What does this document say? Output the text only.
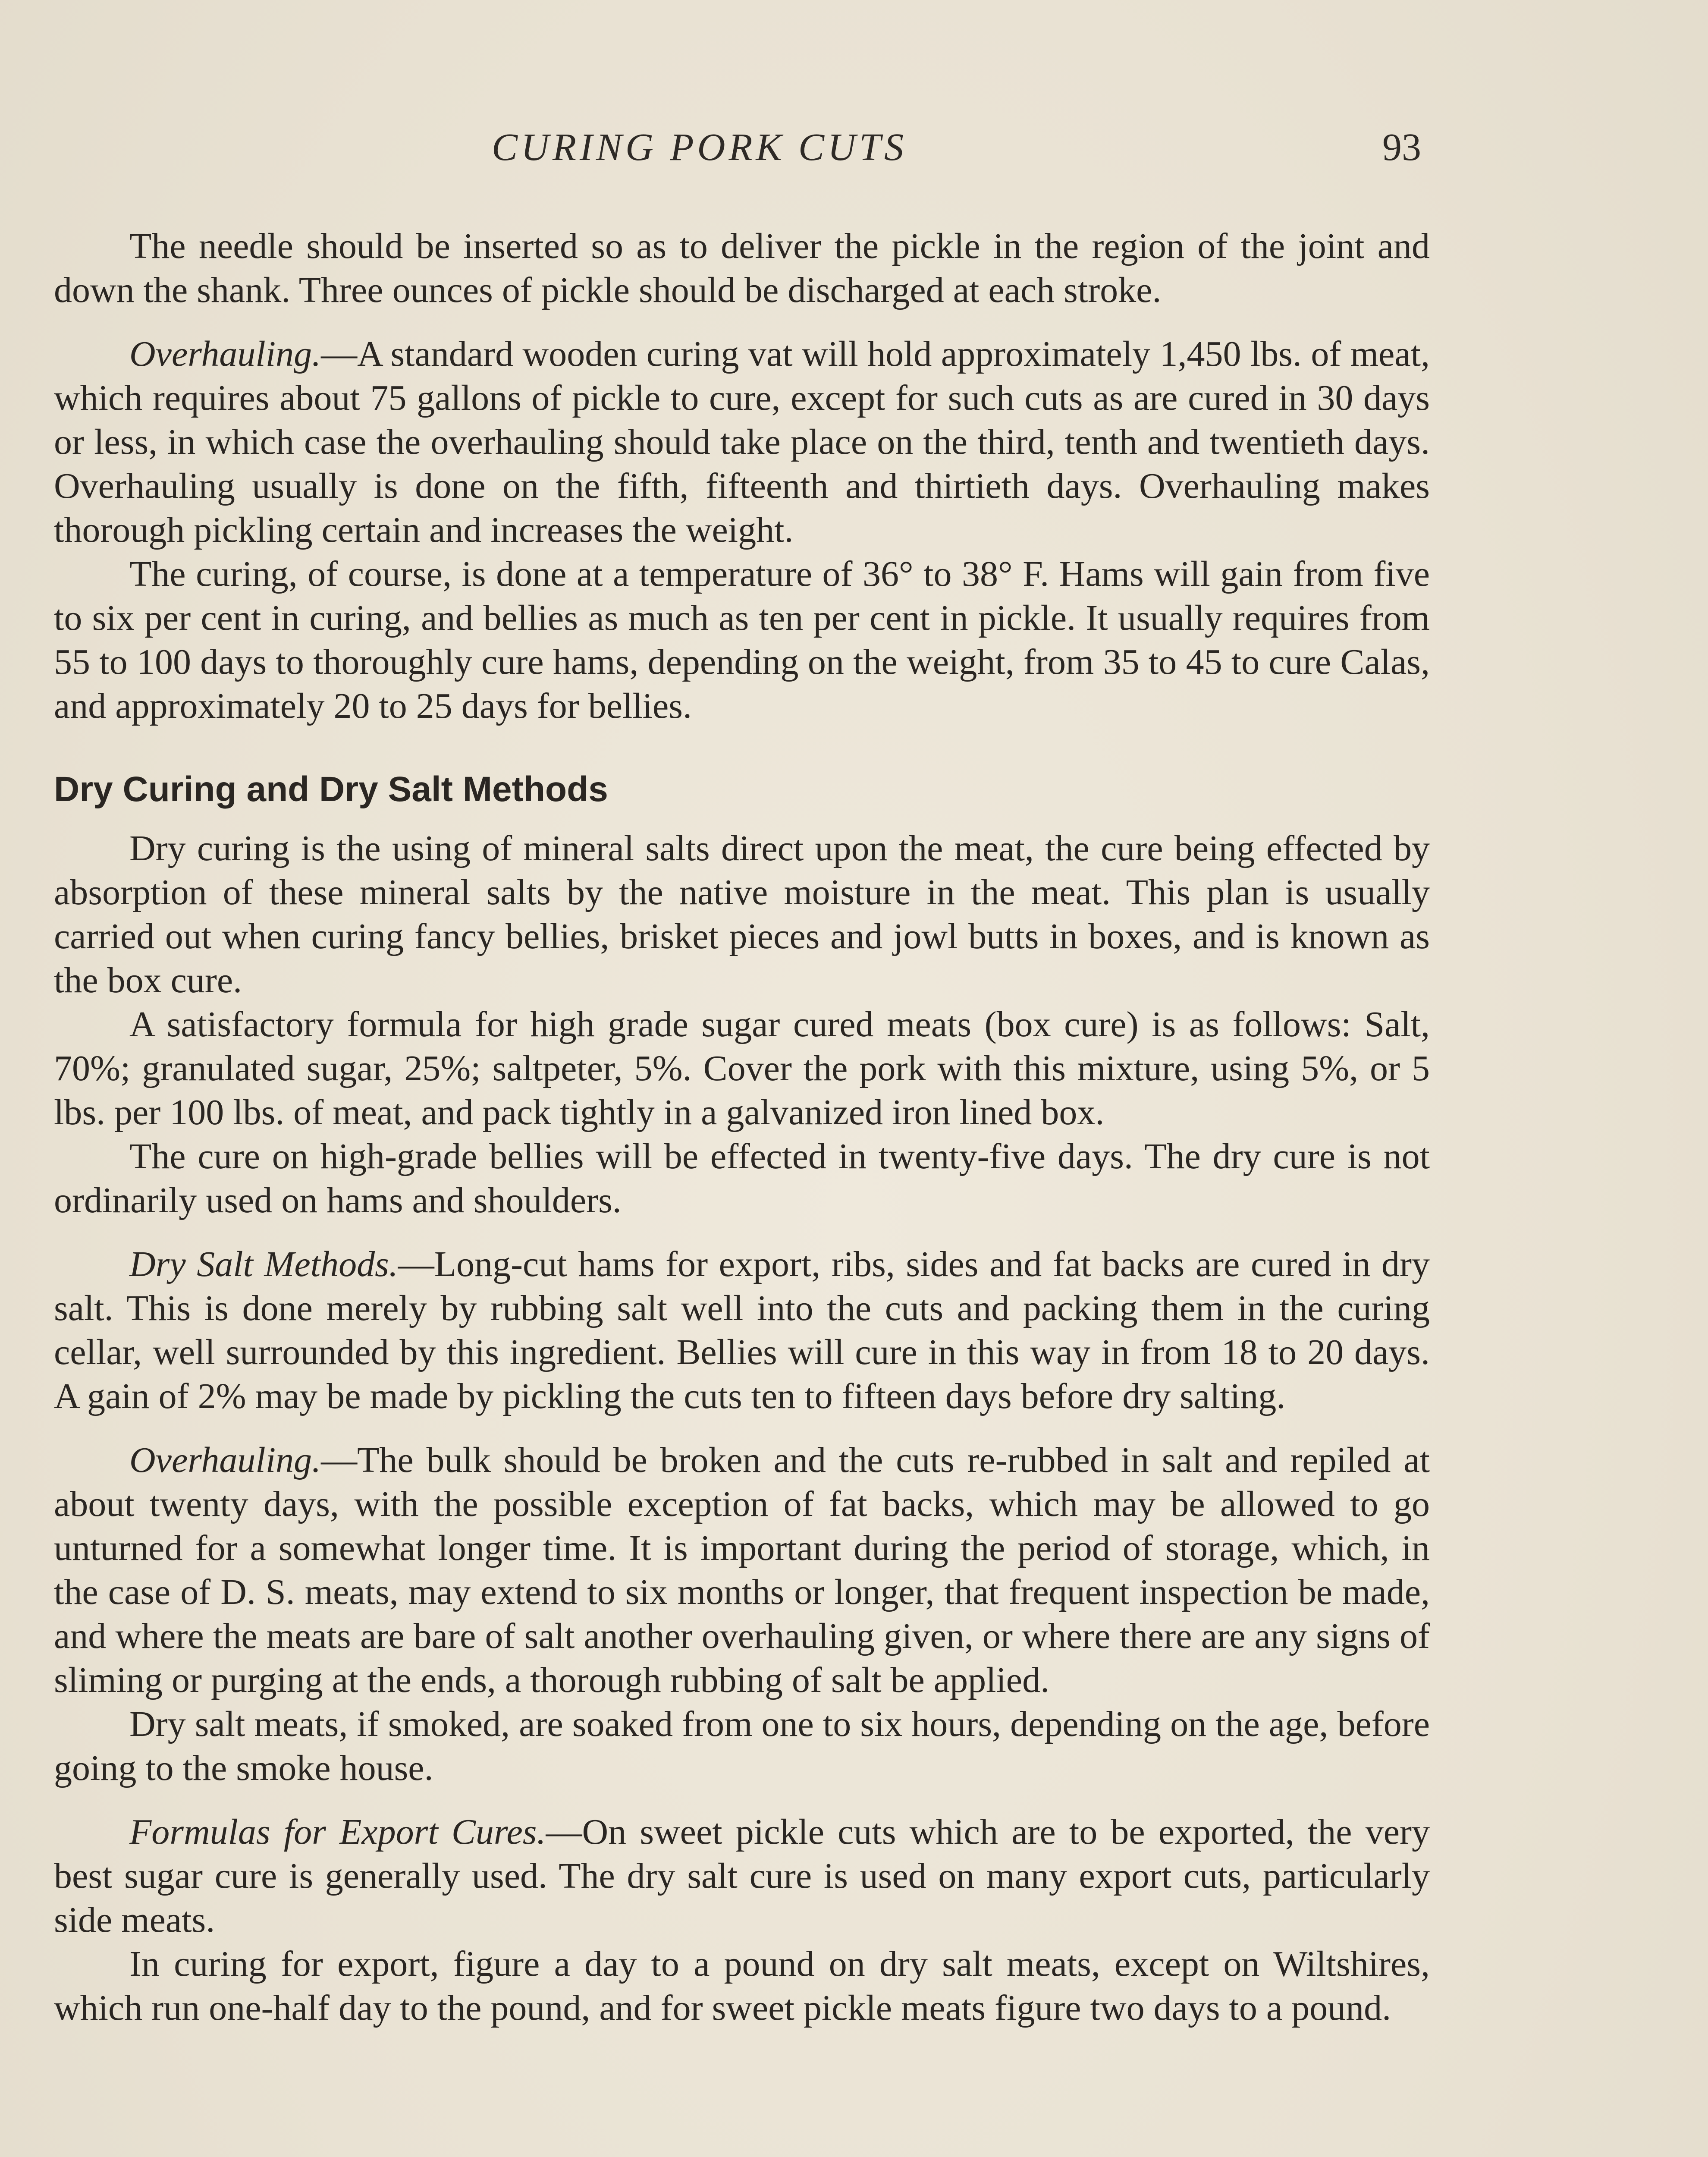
CURING PORK CUTS	93

The needle should be inserted so as to deliver the pickle in the region of the joint and down the shank. Three ounces of pickle should be discharged at each stroke.

Overhauling.—A standard wooden curing vat will hold approximately 1,450 lbs. of meat, which requires about 75 gallons of pickle to cure, except for such cuts as are cured in 30 days or less, in which case the overhauling should take place on the third, tenth and twentieth days. Overhauling usually is done on the fifth, fifteenth and thirtieth days. Overhauling makes thorough pickling certain and increases the weight.

The curing, of course, is done at a temperature of 36° to 38° F. Hams will gain from five to six per cent in curing, and bellies as much as ten per cent in pickle. It usually requires from 55 to 100 days to thoroughly cure hams, depending on the weight, from 35 to 45 to cure Calas, and approximately 20 to 25 days for bellies.

Dry Curing and Dry Salt Methods

Dry curing is the using of mineral salts direct upon the meat, the cure being effected by absorption of these mineral salts by the native moisture in the meat. This plan is usually carried out when curing fancy bellies, brisket pieces and jowl butts in boxes, and is known as the box cure.

A satisfactory formula for high grade sugar cured meats (box cure) is as follows: Salt, 70%; granulated sugar, 25%; saltpeter, 5%. Cover the pork with this mixture, using 5%, or 5 lbs. per 100 lbs. of meat, and pack tightly in a galvanized iron lined box.

The cure on high-grade bellies will be effected in twenty-five days. The dry cure is not ordinarily used on hams and shoulders.

Dry Salt Methods.—Long-cut hams for export, ribs, sides and fat backs are cured in dry salt. This is done merely by rubbing salt well into the cuts and packing them in the curing cellar, well surrounded by this ingredient. Bellies will cure in this way in from 18 to 20 days. A gain of 2% may be made by pickling the cuts ten to fifteen days before dry salting.

Overhauling.—The bulk should be broken and the cuts re-rubbed in salt and repiled at about twenty days, with the possible exception of fat backs, which may be allowed to go unturned for a somewhat longer time. It is important during the period of storage, which, in the case of D. S. meats, may extend to six months or longer, that frequent inspection be made, and where the meats are bare of salt another overhauling given, or where there are any signs of sliming or purging at the ends, a thorough rubbing of salt be applied.

Dry salt meats, if smoked, are soaked from one to six hours, depending on the age, before going to the smoke house.

Formulas for Export Cures.—On sweet pickle cuts which are to be exported, the very best sugar cure is generally used. The dry salt cure is used on many export cuts, particularly side meats.

In curing for export, figure a day to a pound on dry salt meats, except on Wiltshires, which run one-half day to the pound, and for sweet pickle meats figure two days to a pound.
